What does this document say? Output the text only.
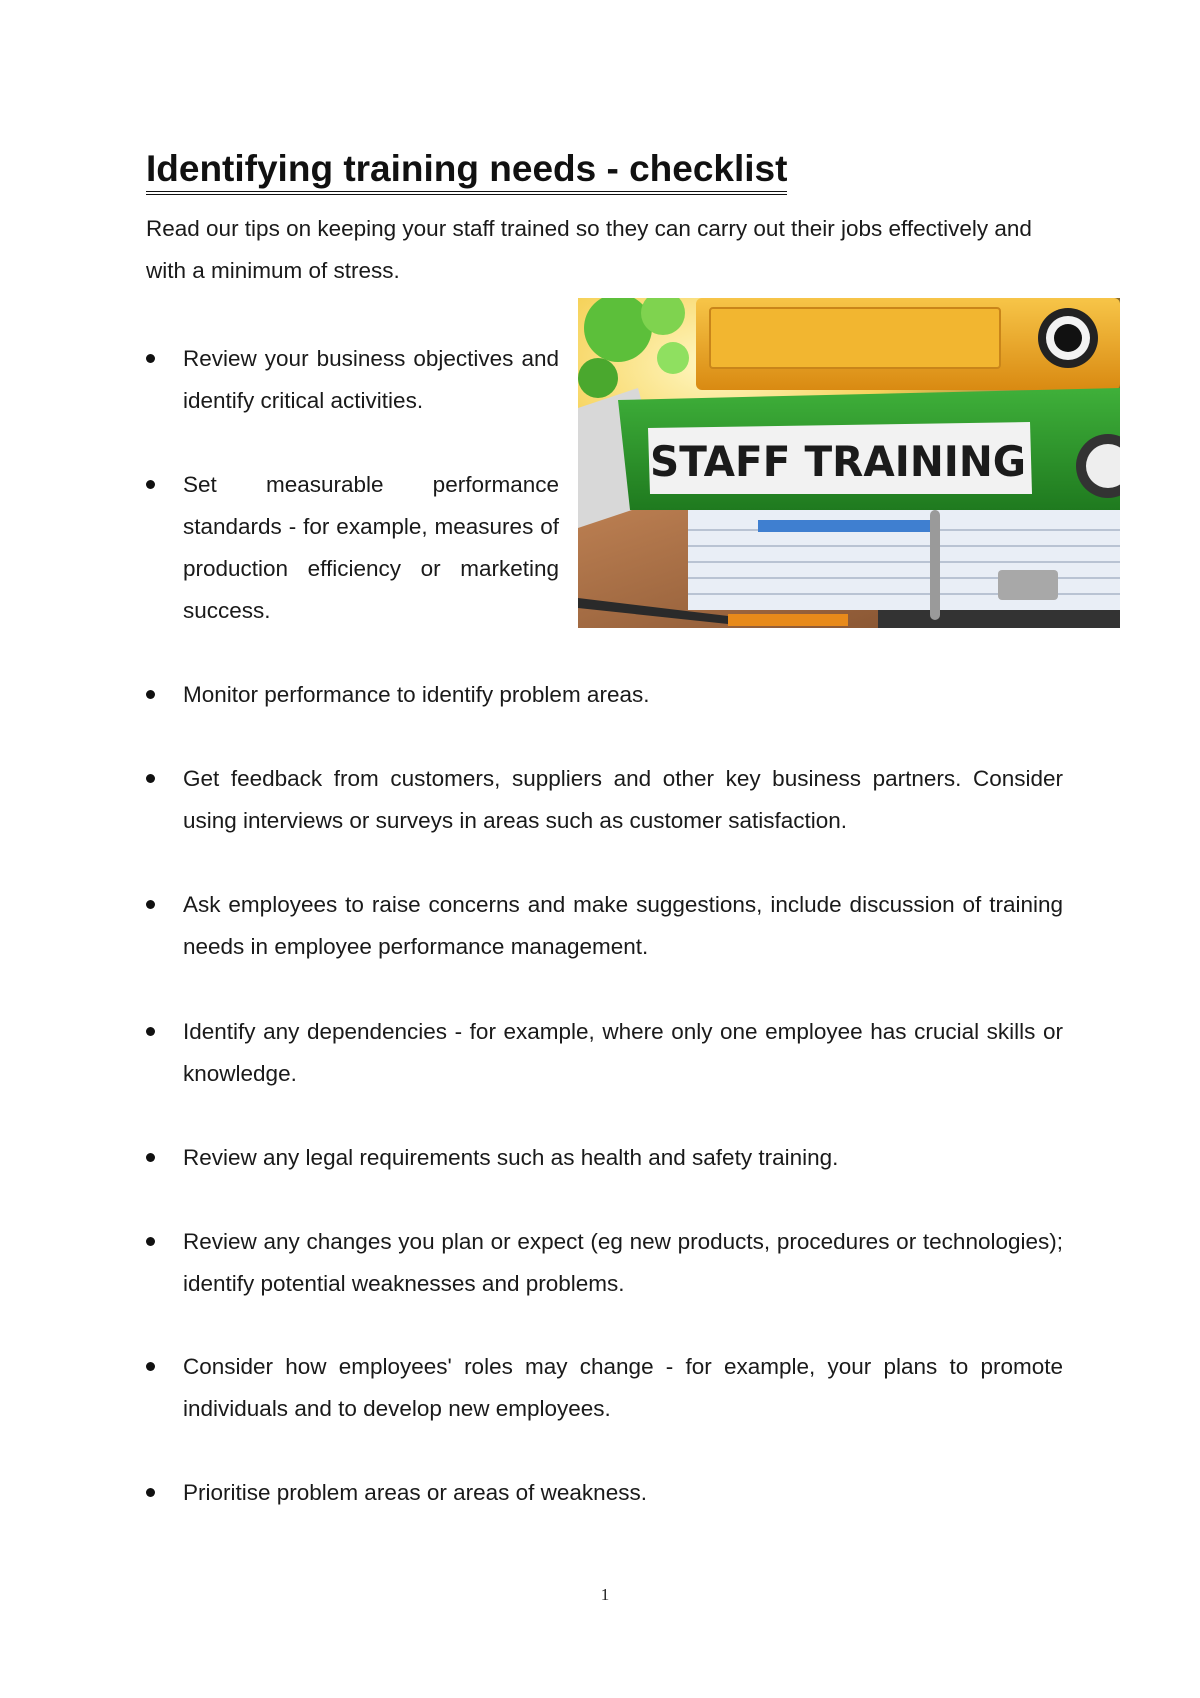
Identifying training needs - checklist

Read our tips on keeping your staff trained so they can carry out their jobs effectively and with a minimum of stress.

STAFF TRAINING
Review your business objectives and identify critical activities.
Set measurable performance standards - for example, measures of production efficiency or marketing success.
Monitor performance to identify problem areas.
Get feedback from customers, suppliers and other key business partners. Consider using interviews or surveys in areas such as customer satisfaction.
Ask employees to raise concerns and make suggestions, include discussion of training needs in employee performance management.
Identify any dependencies - for example, where only one employee has crucial skills or knowledge.
Review any legal requirements such as health and safety training.
Review any changes you plan or expect (eg new products, procedures or technologies); identify potential weaknesses and problems.
Consider how employees' roles may change - for example, your plans to promote individuals and to develop new employees.
Prioritise problem areas or areas of weakness.
1
